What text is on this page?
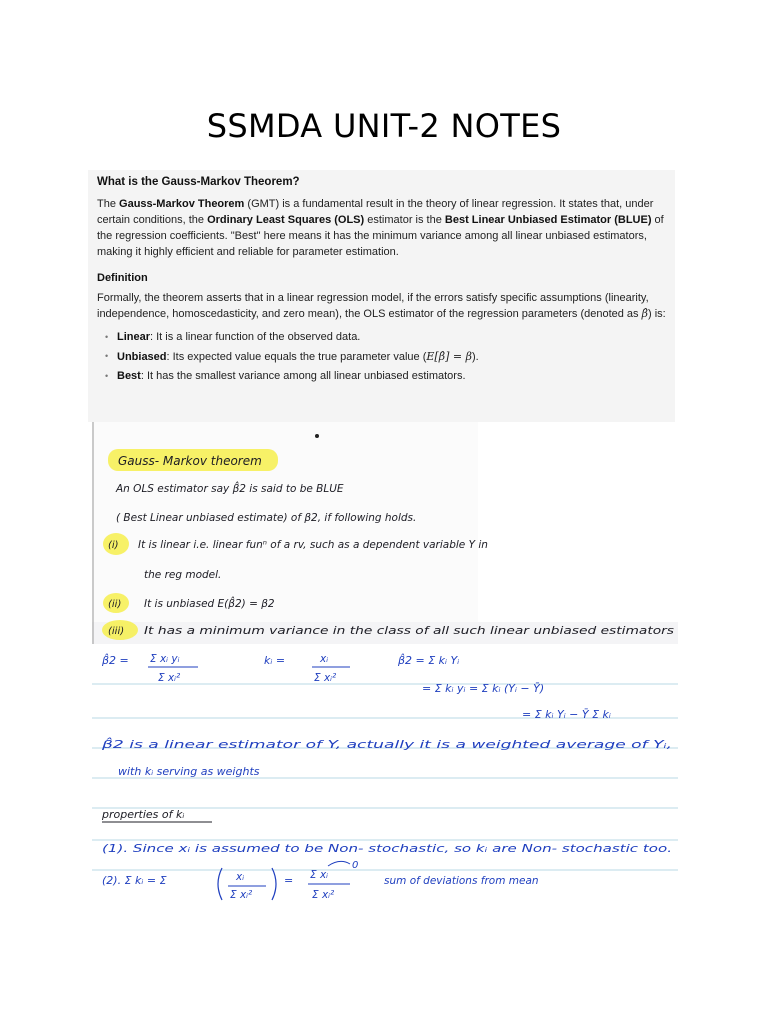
SSMDA UNIT-2 NOTES
What is the Gauss-Markov Theorem?

The Gauss-Markov Theorem (GMT) is a fundamental result in the theory of linear regression. It states that, under certain conditions, the Ordinary Least Squares (OLS) estimator is the Best Linear Unbiased Estimator (BLUE) of the regression coefficients. "Best" here means it has the minimum variance among all linear unbiased estimators, making it highly efficient and reliable for parameter estimation.

Definition

Formally, the theorem asserts that in a linear regression model, if the errors satisfy specific assumptions (linearity, independence, homoscedasticity, and zero mean), the OLS estimator of the regression parameters (denoted as β̂) is:

• Linear: It is a linear function of the observed data.
• Unbiased: Its expected value equals the true parameter value (E[β̂] = β).
• Best: It has the smallest variance among all linear unbiased estimators.
Gauss- Markov theorem
An OLS estimator say β̂2 is said to be BLUE
( Best Linear unbiased estimate) of β2, if following holds.
(i) It is linear i.e. linear funⁿ of a rv, such as a dependent variable Y in
the reg model.
(ii) It is unbiased E(β̂2) = β2
(iii) It has a minimum variance in the class of all such linear unbiased estimators
β̂2 = Σ xᵢ yᵢ
Σ xᵢ²
kᵢ =	xᵢ
Σ xᵢ²
β̂2 = Σ kᵢ Yᵢ
= Σ kᵢ yᵢ = Σ kᵢ (Yᵢ − Ȳ)
= Σ kᵢ Yᵢ − Ȳ Σ kᵢ
β̂2 is a linear estimator of Y, actually it is a weighted average of Yᵢ,
with kᵢ serving as weights
properties of kᵢ
(1). Since xᵢ is assumed to be Non- stochastic, so kᵢ are Non- stochastic too.
(2). Σ kᵢ = Σ	xᵢ
Σ xᵢ²
= Σ xᵢ
Σ xᵢ²
0
sum of deviations from mean
